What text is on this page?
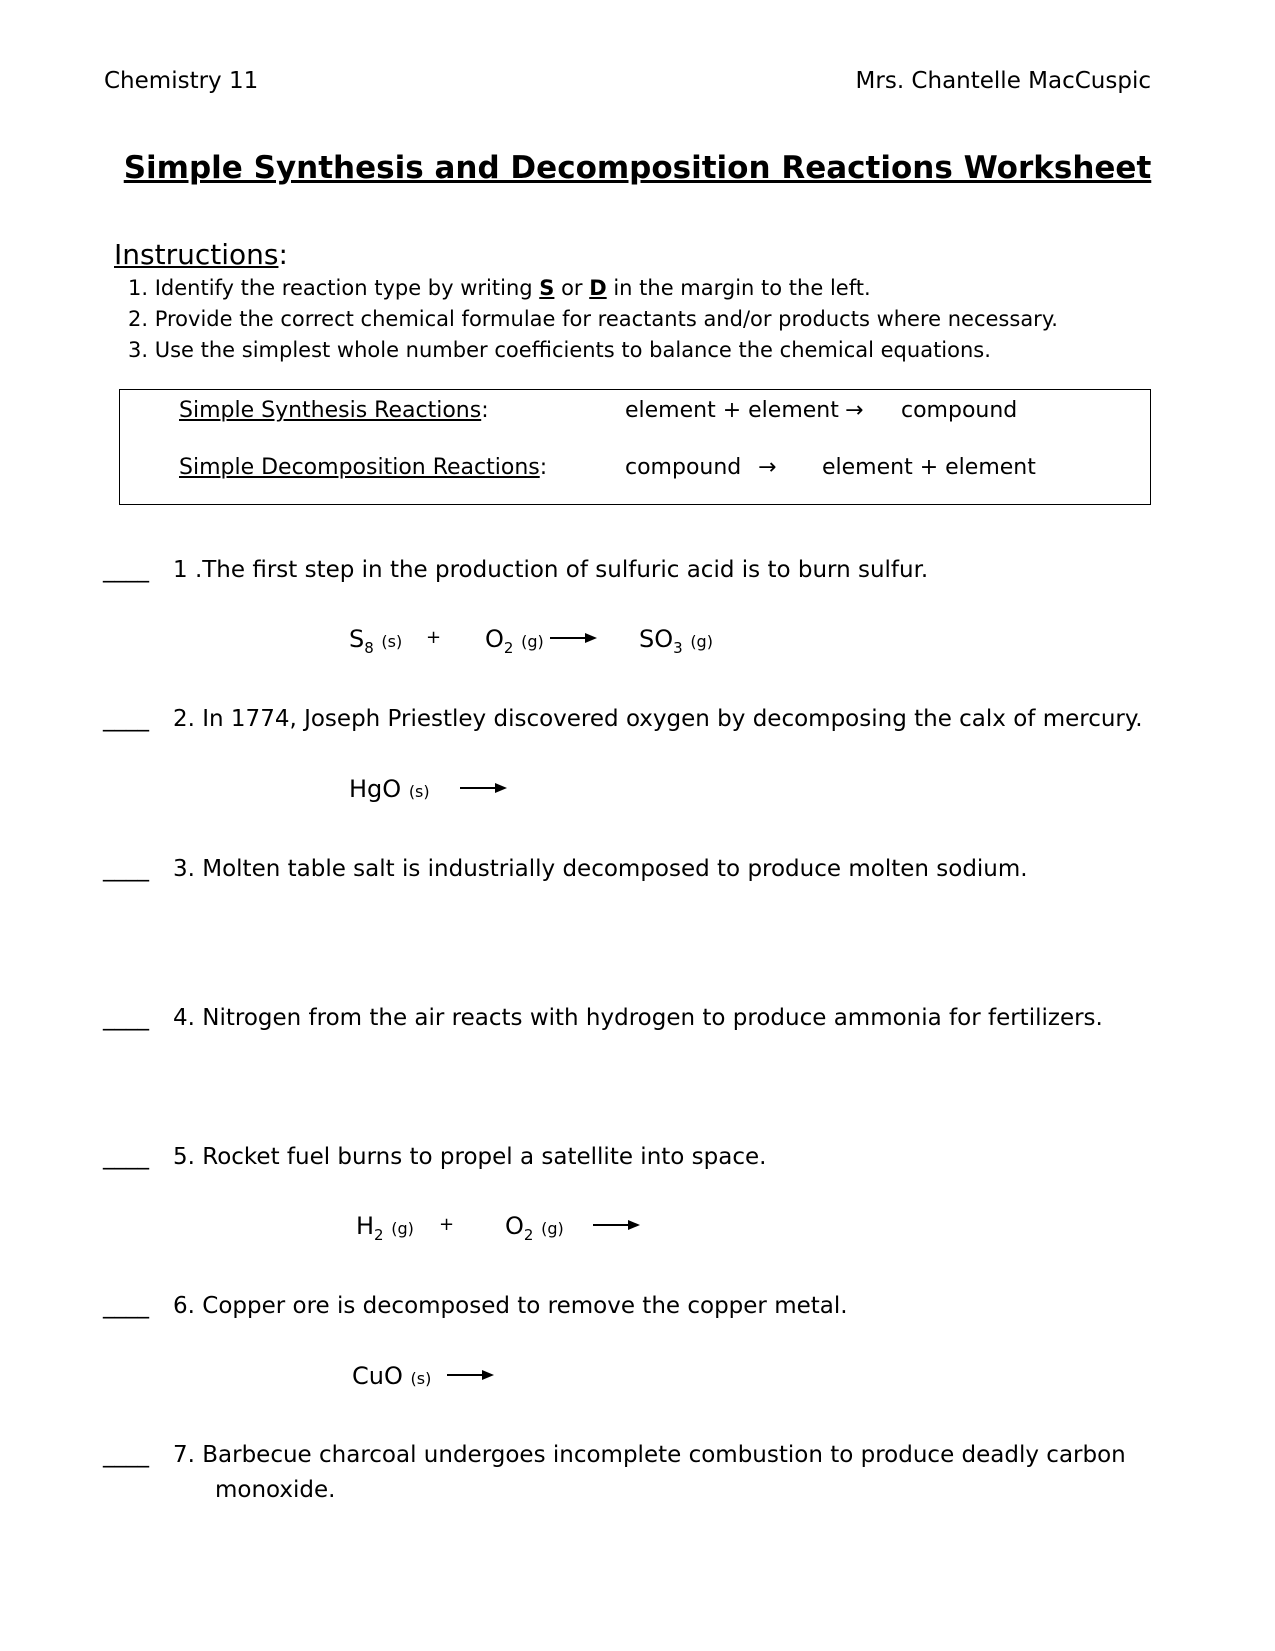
Chemistry 11	Mrs. Chantelle MacCuspic
Simple Synthesis and Decomposition Reactions Worksheet
Instructions:
1. Identify the reaction type by writing S or D in the margin to the left.
2. Provide the correct chemical formulae for reactants and/or products where necessary.
3. Use the simplest whole number coefficients to balance the chemical equations.
Simple Synthesis Reactions:	element + element → compound
Simple Decomposition Reactions:	compound → element + element
____ 1 .The first step in the production of sulfuric acid is to burn sulfur.
$S_8$ $(s) + O_2$ (g)	$SO_3$ (g)
____ 2. In 1774, Joseph Priestley discovered oxygen by decomposing the calx of mercury.
HgO (s)
____ 3. Molten table salt is industrially decomposed to produce molten sodium.
____ 4. Nitrogen from the air reacts with hydrogen to produce ammonia for fertilizers.
____ 5. Rocket fuel burns to propel a satellite into space.
$H_2$ $(g) + O_2$ (g)
____ 6. Copper ore is decomposed to remove the copper metal.
CuO (s)
____ 7. Barbecue charcoal undergoes incomplete combustion to produce deadly carbon
monoxide.
